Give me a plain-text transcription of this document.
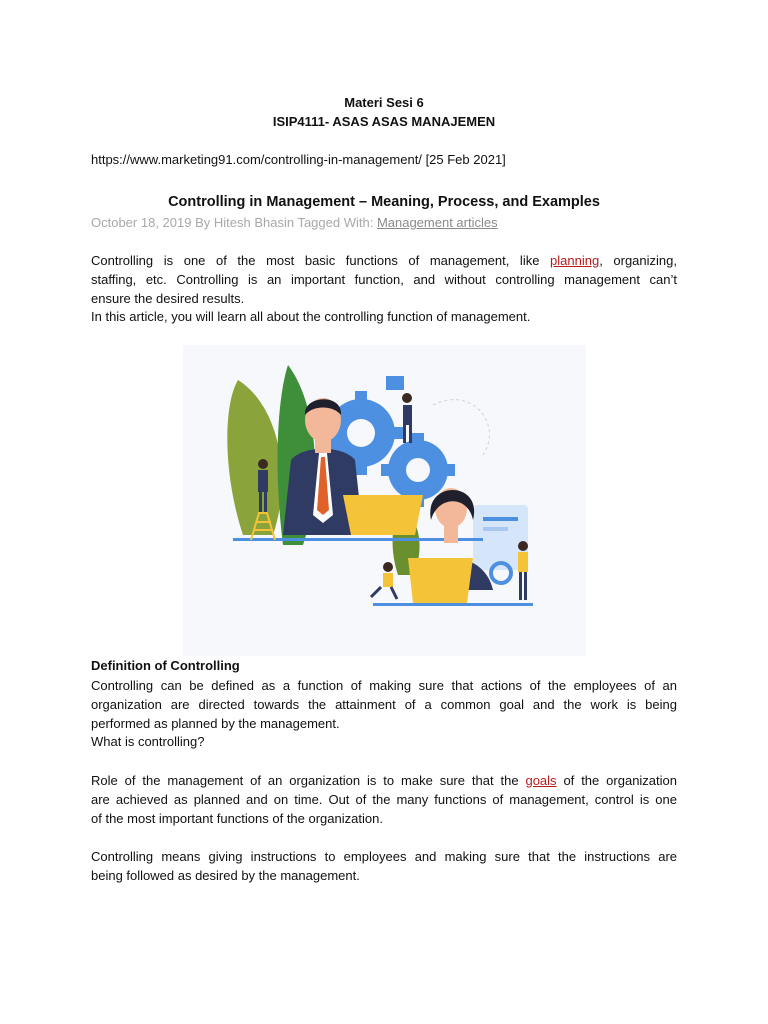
Materi Sesi 6
ISIP4111- ASAS ASAS MANAJEMEN
https://www.marketing91.com/controlling-in-management/ [25 Feb 2021]
Controlling in Management – Meaning, Process, and Examples
October 18, 2019 By Hitesh Bhasin Tagged With: Management articles
Controlling is one of the most basic functions of management, like planning, organizing,
staffing, etc. Controlling is an important function, and without controlling management can’t
ensure the desired results.
In this article, you will learn all about the controlling function of management.
Definition of Controlling
Controlling can be defined as a function of making sure that actions of the employees of an
organization are directed towards the attainment of a common goal and the work is being
performed as planned by the management.
What is controlling?
Role of the management of an organization is to make sure that the goals of the organization
are achieved as planned and on time. Out of the many functions of management, control is one
of the most important functions of the organization.
Controlling means giving instructions to employees and making sure that the instructions are
being followed as desired by the management.
